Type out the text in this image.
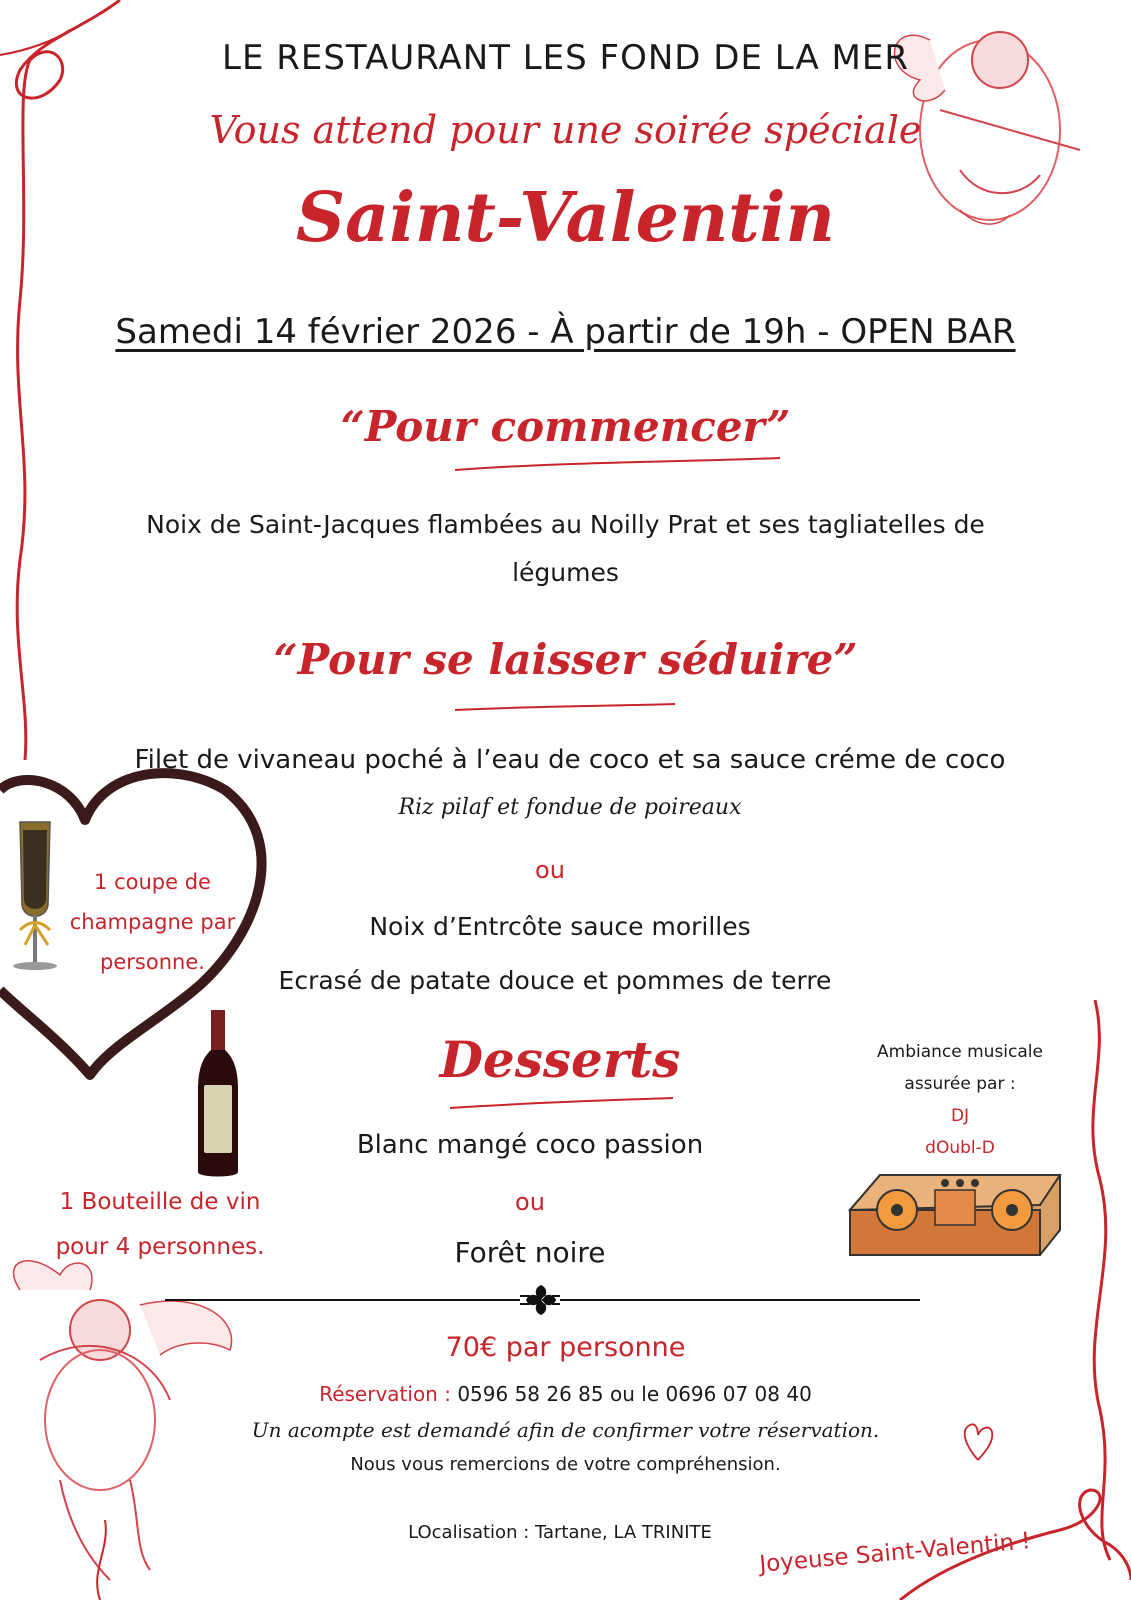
LE RESTAURANT LES FOND DE LA MER
Vous attend pour une soirée spéciale
Saint-Valentin
Samedi 14 février 2026 - À partir de 19h - OPEN BAR
“Pour commencer”
Noix de Saint-Jacques flambées au Noilly Prat et ses tagliatelles de
légumes
“Pour se laisser séduire”
Filet de vivaneau poché à l’eau de coco et sa sauce créme de coco
Riz pilaf et fondue de poireaux
ou
Noix d’Entrcôte sauce morilles
Ecrasé de patate douce et pommes de terre
Desserts
Blanc mangé coco passion
ou
Forêt noire
1 coupe de
champagne par
personne.
1 Bouteille de vin
pour 4 personnes.
Ambiance musicale
assurée par :
DJ
dOubl-D
70€ par personne
Réservation : 0596 58 26 85 ou le 0696 07 08 40
Un acompte est demandé afin de confirmer votre réservation.
Nous vous remercions de votre compréhension.
LOcalisation : Tartane, LA TRINITE	Joyeuse Saint-Valentin !
